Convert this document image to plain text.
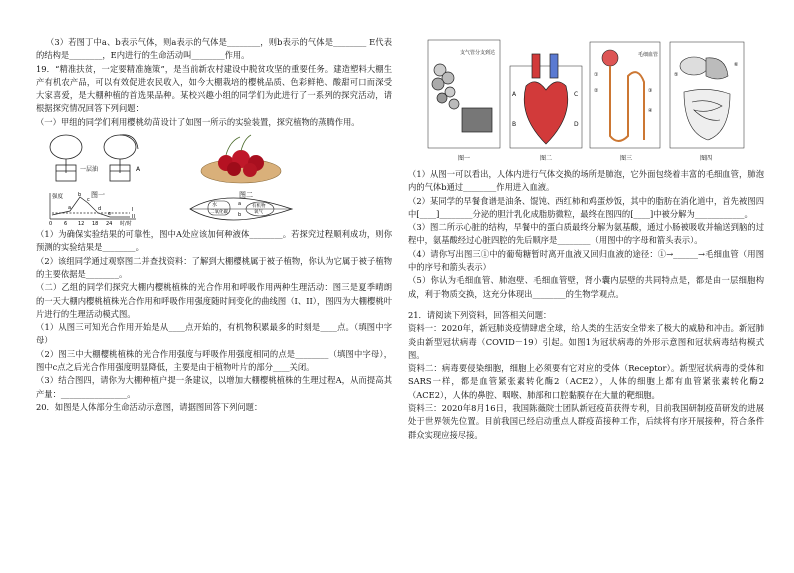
（3）若图丁中a、b表示气体，则a表示的气体是________，则b表示的气体是________ E代表的结构是________，E内进行的生命活动叫________作用。

19．“精准扶贫，一定要精准施策”，是当前新农村建设中脱贫攻坚的重要任务。建造塑料大棚生产有机农产品，可以有效促进农民收入，如今大棚栽培的樱桃品质、色彩鲜艳、酸甜可口而深受大家喜爱，是大棚种植的首选果品种。某校兴趣小组的同学们为此进行了一系列的探究活动，请根据探究情况回答下列问题：

（一）甲组的同学们利用樱桃幼苗设计了如图一所示的实验装置，探究植物的蒸腾作用。

一层油	A
图一	图二
强度
时/时
0 6 12 18 24
I
II
a
b
c
d
e
水
二氧化碳
有机物
氧气
a
b

（1）为确保实验结果的可靠性，图中A处应该加何种液体________。若探究过程顺利成功，则你预测的实验结果是________。

（2）该组同学通过观察图二并查找资料：了解到大棚樱桃属于被子植物，你认为它属于被子植物的主要依据是________。

（二）乙组的同学们探究大棚内樱桃植株的光合作用和呼吸作用两种生理活动：图三是夏季晴朗的一天大棚内樱桃植株光合作用和呼吸作用强度随时间变化的曲线图（I、II），图四为大棚樱桃叶片进行的生理活动模式图。

（1）从图三可知光合作用开始是从____点开始的，有机物积累最多的时刻是____点。（填图中字母）

（2）图三中大棚樱桃植株的光合作用强度与呼吸作用强度相同的点是________（填图中字母），图中c点之后光合作用强度明显降低，主要是由于植物叶片的部分____关闭。

（3）结合图四，请你为大棚种植户提一条建议，以增加大棚樱桃植株的生理过程A，从而提高其产量：________________。

20．如图是人体部分生命活动示意图，请据图回答下列问题：

支气管分支到达
A
B
C
D
毛细血管
①
②	③
④
⑤
⑥
图一	图二	图三	图四

（1）从图一可以看出，人体内进行气体交换的场所是肺泡，它外面包绕着丰富的毛细血管，肺泡内的气体b通过________作用进入血液。

（2）某同学的早餐食谱是油条、馄饨、西红柿和鸡蛋炒饭，其中的脂肪在消化道中，首先被图四中[____]________分泌的胆汁乳化成脂肪微粒，最终在图四的[____]中被分解为____________。

（3）图二所示心脏的结构，早餐中的蛋白质最终分解为氨基酸，通过小肠被吸收并输送到脑的过程中，氨基酸经过心脏四腔的先后顺序是________（用图中的字母和箭头表示）。

（4）请你写出图三①中的葡萄糖暂时离开血液又回归血液的途径：①→______→毛细血管（用图中的序号和箭头表示）

（5）你认为毛细血管、肺泡壁、毛细血管壁，肾小囊内层壁的共同特点是，都是由一层细胞构成，利于物质交换，这充分体现出________的生物学观点。

21．请阅读下列资料，回答相关问题：

资料一：2020年，新冠肺炎疫情肆虐全球，给人类的生活安全带来了极大的威胁和冲击。新冠肺炎由新型冠状病毒（COVID－19）引起。如图1为冠状病毒的外形示意图和冠状病毒结构模式图。

资料二：病毒要侵染细胞，细胞上必须要有它对应的受体（Receptor）。新型冠状病毒的受体和SARS一样，都是血管紧张素转化酶2（ACE2），人体的细胞上都有血管紧张素转化酶2（ACE2），人体的鼻腔、咽喉、肺部和口腔黏膜存在大量的靶细胞。

资料三：2020年8月16日，我国陈薇院士团队新冠疫苗获得专利，目前我国研制疫苗研发的进展处于世界领先位置。目前我国已经启动重点人群疫苗接种工作，后续将有序开展接种，符合条件群众实现应接尽接。
